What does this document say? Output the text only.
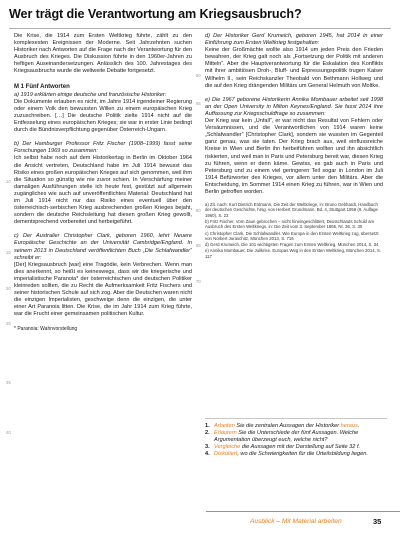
Wer trägt die Verantwortung am Kriegsausbruch?

Die Krise, die 1914 zum Ersten Weltkrieg führte, zählt zu den komplexesten Ereignissen der Moderne. Seit Jahrzehnten suchen Historiker nach Antworten auf die Frage nach der Verantwortung für den Ausbruch des Krieges. Die Diskussion führte in den 1960er-Jahren zu heftigen Auseinandersetzungen. Anlässlich des 100. Jahrestages des Kriegsausbruchs wurde die weltweite Debatte fortgesetzt.

M 1 Fünf Antworten

a) 1919 erklärten einige deutsche und französische Historiker:

Die Dokumente erlauben es nicht, im Jahre 1914 irgendeiner Regierung oder einem Volk den bewussten Willen zu einem europäischen Krieg zuzuschreiben. […] Die deutsche Politik zielte 1914 nicht auf die Entfesselung eines europäischen Krieges; sie war in erster Linie bedingt durch die Bündnisverpflichtung gegenüber Österreich-Ungarn.

b) Der Hamburger Professor Fritz Fischer (1908–1999) fasst seine Forschungen 1969 so zusammen:

Ich selbst habe noch auf dem Historikertag in Berlin im Oktober 1964 die Ansicht vertreten, Deutschland habe im Juli 1914 bewusst das Risiko eines großen europäischen Krieges auf sich genommen, weil ihm die Situation so günstig wie nie zuvor schien. In Verschärfung meiner damaligen Ausführungen stelle ich heute fest, gestützt auf allgemein zugängliches wie auch auf unveröffentlichtes Material: Deutschland hat im Juli 1914 nicht nur das Risiko eines eventuell über den österreichisch-serbischen Krieg ausbrechenden großen Krieges bejaht, sondern die deutsche Reichsleitung hat diesen großen Krieg gewollt, dementsprechend vorbereitet und herbeigeführt.

c) Der Australier Christopher Clark, geboren 1960, lehrt Neuere Europäische Geschichte an der Universität Cambridge/England. In seinem 2013 in Deutschland veröffentlichten Buch „Die Schlafwandler“ schreibt er:

[Der] Kriegsausbruch [war] eine Tragödie, kein Verbrechen. Wenn man dies anerkennt, so heißt es keineswegs, dass wir die kriegerische und imperialistische Paranoia* der österreichischen und deutschen Politiker kleinreden sollten, die zu Recht die Aufmerksamkeit Fritz Fischers und seiner historischen Schule auf sich zog. Aber die Deutschen waren nicht die einzigen Imperialisten, geschweige denn die einzigen, die unter einer Art Paranoia litten. Die Krise, die im Jahr 1914 zum Krieg führte, war die Frucht einer gemeinsamen politischen Kultur.

* Paranoia: Wahnvorstellung

10
15
20
25
35
40
50
55
60
65
70

d) Der Historiker Gerd Krumeich, geboren 1945, hat 2014 in einer Einführung zum Ersten Weltkrieg festgehalten:

Keine der Großmächte wollte also 1914 um jeden Preis den Frieden bewahren, der Krieg galt noch als „Fortsetzung der Politik mit anderen Mitteln“. Aber die Hauptverantwortung für die Eskalation des Konflikts mit ihrer ambitiösen Droh-, Bluff- und Erpressungspolitik trugen Kaiser Wilhelm II., sein Reichskanzler Theobald von Bethmann Hollweg und die auf den Krieg drängenden Militärs um General Helmuth von Moltke.

e) Die 1967 geborene Historikerin Annika Mombauer arbeitet seit 1998 an der Open University in Milton Keynes/England. Sie fasst 2014 ihre Auffassung zur Kriegsschuldfrage so zusammen:

Der Krieg war kein „Unfall“, er war nicht das Resultat von Fehlern oder Versäumnissen, und die Verantwortlichen von 1914 waren keine „Schlafwandler“ [Christopher Clark], sondern sie wussten im Gegenteil ganz genau, was sie taten. Der Krieg brach aus, weil einflussreiche Kreise in Wien und Berlin ihn herbeiführen wollten und ihn absichtlich riskierten, und weil man in Paris und Petersburg bereit war, diesen Krieg zu führen, wenn er denn käme. Gewiss, es gab auch in Paris und Petersburg und zu einem viel geringeren Teil sogar in London im Juli 1914 Befürworter des Krieges, vor allem unter den Militärs. Aber die Entscheidung, im Sommer 1914 einen Krieg zu führen, war in Wien und Berlin getroffen worden.

a) Zit. nach: Kurt Dietrich Erdmann, Die Zeit der Weltkriege, in: Bruno Gebhardt, Handbuch der deutschen Geschichte, hrsg. von Herbert Grundmann, Bd. 4, Stuttgart 1959 (9. Auflage 1960), S. 23

b) Fritz Fischer, Vom Zaun gebrochen – nicht hineingeschlittert, Deutschlands Schuld am Ausbruch des Ersten Weltkriegs, in: Die Zeit vom 3. September 1965, Nr. 36, S. 30

c) Christopher Clark, Die Schlafwandler. Wie Europa in den Ersten Weltkrieg zog, übersetzt von Norbert Juraschitz, München 2013, S. 716

d) Gerd Krumeich, Die 101 wichtigsten Fragen zum Ersten Weltkrieg, München 2014, S. 34

e) Annika Mombauer, Die Julikrise. Europas Weg in den Ersten Weltkrieg, München 2014, S. 117

1. Arbeiten Sie die zentralen Aussagen der Historiker heraus.
2. Erläutern Sie die Unterschiede der fünf Aussagen. Welche Argumentation überzeugt euch, welche nicht?
3. Vergleiche die Aussagen mit der Darstellung auf Seite 32 f.
4. Diskutiert, wo die Schwierigkeiten für die Urteilsbildung liegen.
Ausblick – Mit Material arbeiten	35
